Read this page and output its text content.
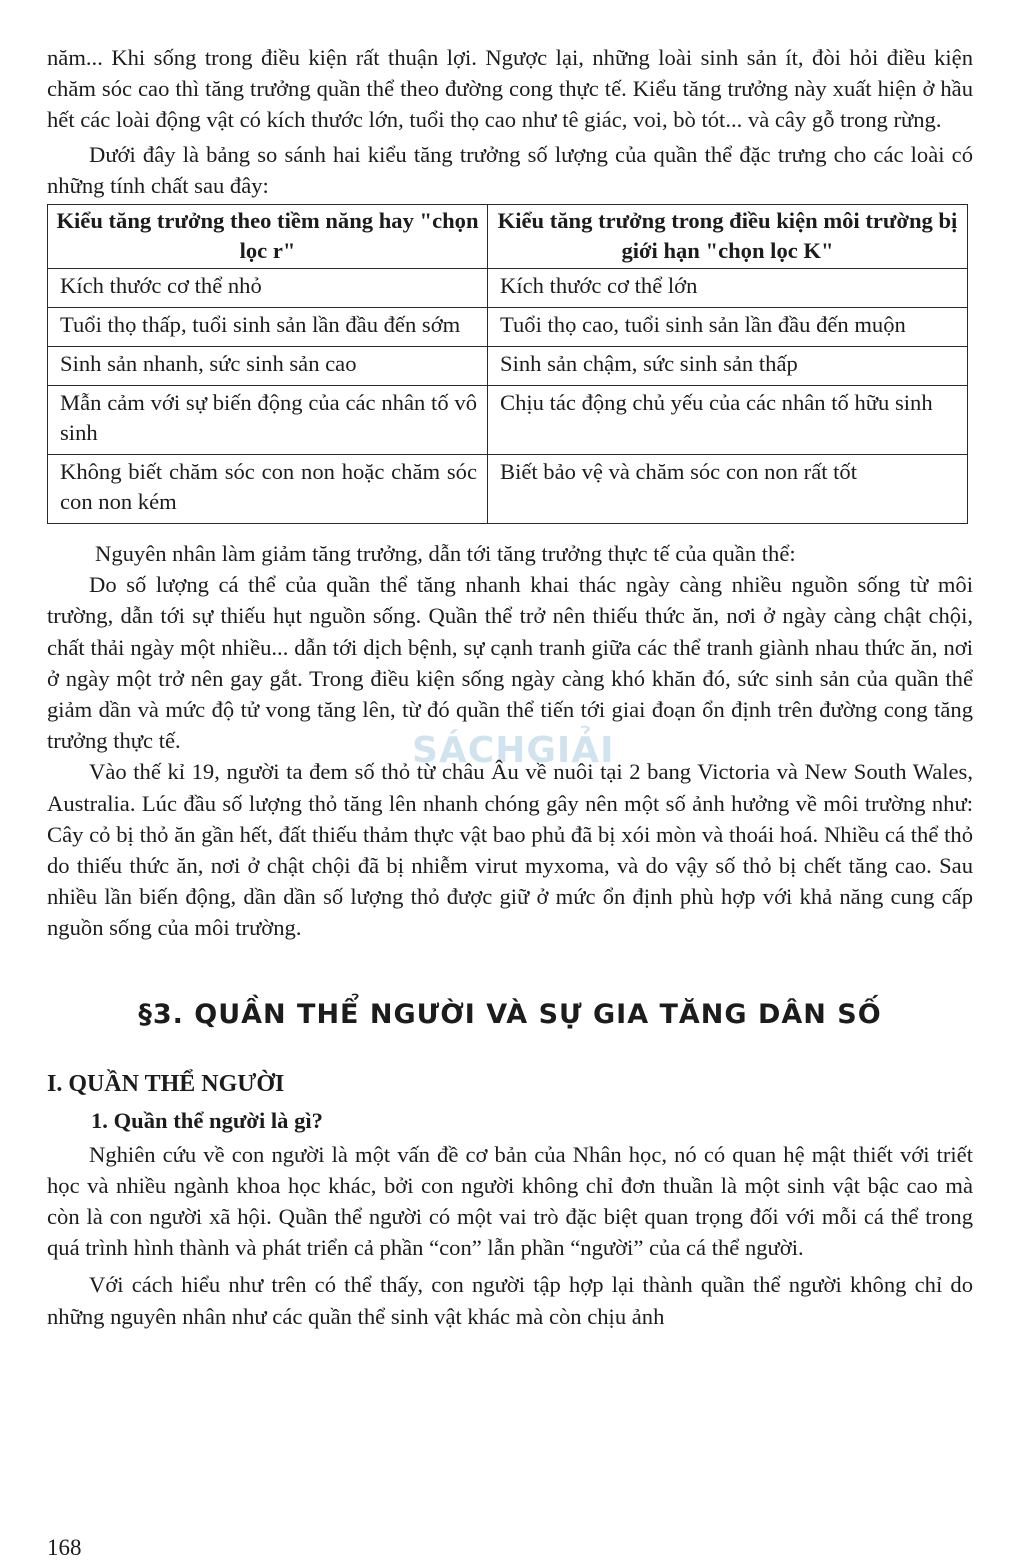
SÁCHGIẢI

năm... Khi sống trong điều kiện rất thuận lợi. Ngược lại, những loài sinh sản ít, đòi hỏi điều kiện chăm sóc cao thì tăng trưởng quần thể theo đường cong thực tế. Kiểu tăng trưởng này xuất hiện ở hầu hết các loài động vật có kích thước lớn, tuổi thọ cao như tê giác, voi, bò tót... và cây gỗ trong rừng.

Dưới đây là bảng so sánh hai kiểu tăng trưởng số lượng của quần thể đặc trưng cho các loài có những tính chất sau đây:

Kiểu tăng trưởng theo tiềm năng hay "chọn lọc r"	Kiểu tăng trưởng trong điều kiện môi trường bị giới hạn "chọn lọc K"
Kích thước cơ thể nhỏ	Kích thước cơ thể lớn
Tuổi thọ thấp, tuổi sinh sản lần đầu đến sớm	Tuổi thọ cao, tuổi sinh sản lần đầu đến muộn
Sinh sản nhanh, sức sinh sản cao	Sinh sản chậm, sức sinh sản thấp
Mẫn cảm với sự biến động của các nhân tố vô sinh	Chịu tác động chủ yếu của các nhân tố hữu sinh
Không biết chăm sóc con non hoặc chăm sóc con non kém	Biết bảo vệ và chăm sóc con non rất tốt

Nguyên nhân làm giảm tăng trưởng, dẫn tới tăng trưởng thực tế của quần thể:

Do số lượng cá thể của quần thể tăng nhanh khai thác ngày càng nhiều nguồn sống từ môi trường, dẫn tới sự thiếu hụt nguồn sống. Quần thể trở nên thiếu thức ăn, nơi ở ngày càng chật chội, chất thải ngày một nhiều... dẫn tới dịch bệnh, sự cạnh tranh giữa các thể tranh giành nhau thức ăn, nơi ở ngày một trở nên gay gắt. Trong điều kiện sống ngày càng khó khăn đó, sức sinh sản của quần thể giảm dần và mức độ tử vong tăng lên, từ đó quần thể tiến tới giai đoạn ổn định trên đường cong tăng trưởng thực tế.

Vào thế kỉ 19, người ta đem số thỏ từ châu Âu về nuôi tại 2 bang Victoria và New South Wales, Australia. Lúc đầu số lượng thỏ tăng lên nhanh chóng gây nên một số ảnh hưởng về môi trường như: Cây cỏ bị thỏ ăn gần hết, đất thiếu thảm thực vật bao phủ đã bị xói mòn và thoái hoá. Nhiều cá thể thỏ do thiếu thức ăn, nơi ở chật chội đã bị nhiễm virut myxoma, và do vậy số thỏ bị chết tăng cao. Sau nhiều lần biến động, dần dần số lượng thỏ được giữ ở mức ổn định phù hợp với khả năng cung cấp nguồn sống của môi trường.

§3. QUẦN THỂ NGƯỜI VÀ SỰ GIA TĂNG DÂN SỐ
I. QUẦN THỂ NGƯỜI
1. Quần thể người là gì?

Nghiên cứu về con người là một vấn đề cơ bản của Nhân học, nó có quan hệ mật thiết với triết học và nhiều ngành khoa học khác, bởi con người không chỉ đơn thuần là một sinh vật bậc cao mà còn là con người xã hội. Quần thể người có một vai trò đặc biệt quan trọng đối với mỗi cá thể trong quá trình hình thành và phát triển cả phần “con” lẫn phần “người” của cá thể người.

Với cách hiểu như trên có thể thấy, con người tập hợp lại thành quần thể người không chỉ do những nguyên nhân như các quần thể sinh vật khác mà còn chịu ảnh

168
